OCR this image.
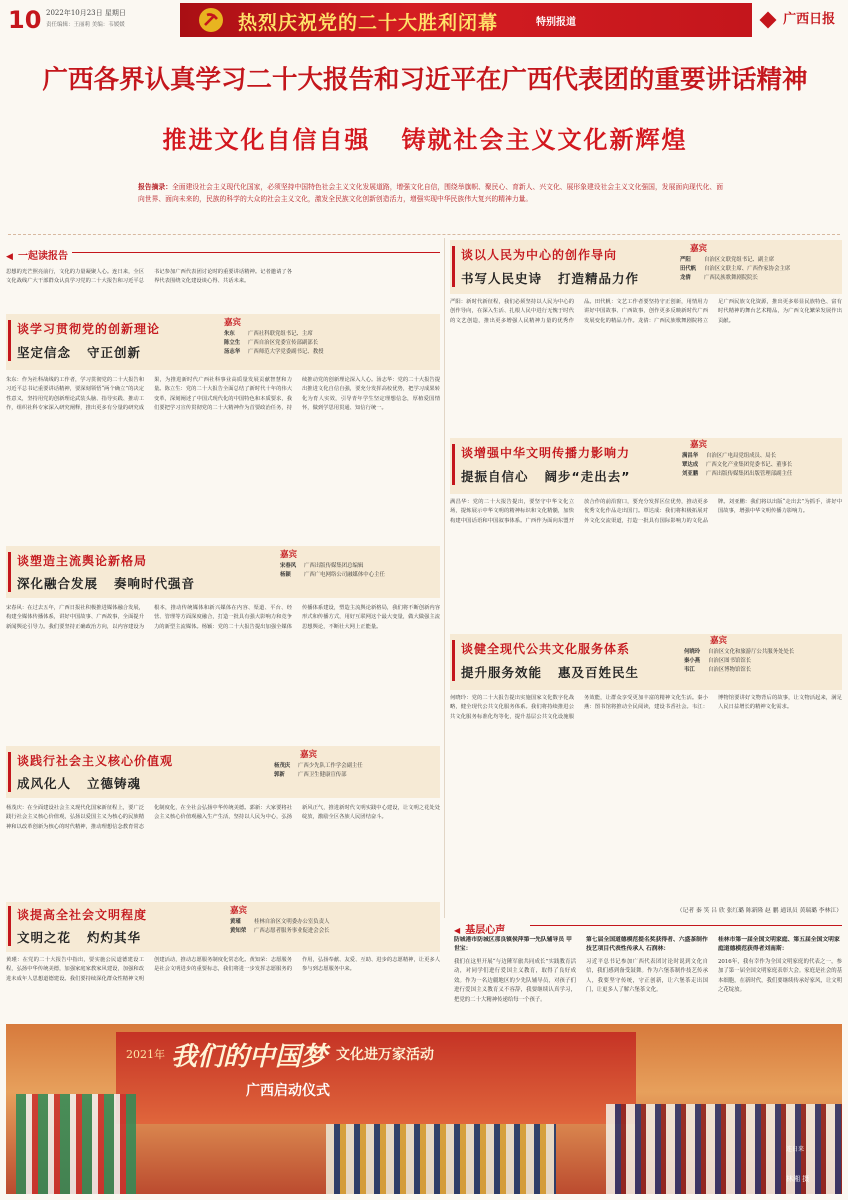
10 2022年10月23日 星期日
责任编辑：王丽莉 美编：韦媛媛	热烈庆祝党的二十大胜利闭幕	特别报道	广西日报
广西各界认真学习二十大报告和习近平在广西代表团的重要讲话精神
推进文化自信自强   铸就社会主义文化新辉煌
报告摘录：全面建设社会主义现代化国家，必须坚持中国特色社会主义文化发展道路，增强文化自信，围绕举旗帜、聚民心、育新人、兴文化、展形象建设社会主义文化强国，发展面向现代化、面向世界、面向未来的，民族的科学的大众的社会主义文化，激发全民族文化创新创造活力，增强实现中华民族伟大复兴的精神力量。
◀ 一起读报告
思想的光芒照亮前行，文化的力量凝聚人心。连日来，全区文化战线广大干部群众认真学习党的二十大报告和习近平总书记参加广西代表团讨论时的重要讲话精神。记者邀请了各界代表围绕文化建设谈心得、共话未来。
谈学习贯彻党的创新理论
坚定信念   守正创新
嘉宾
朱东 广西社科联党组书记、主席
陈立生 广西自治区党委宣传部副部长
汤志华 广西师范大学党委副书记、教授
朱东：作为社科战线的工作者，学习贯彻党的二十大报告和习近平总书记重要讲话精神，要深刻领悟“两个确立”的决定性意义，坚持用党的创新理论武装头脑、指导实践、推动工作，组织社科专家深入研究阐释，推出更多有分量的研究成果，为推进新时代广西社科事业高质量发展贡献智慧和力量。陈立生：党的二十大报告全面总结了新时代十年的伟大变革，深刻阐述了中国式现代化的中国特色和本质要求，我们要把学习宣传贯彻党的二十大精神作为首要政治任务，持续推动党的创新理论深入人心。汤志华：党的二十大报告提出推进文化自信自强，要充分发挥高校优势，把学习成果转化为育人实效，引导青年学生坚定理想信念，厚植爱国情怀，做到学思用贯通、知信行统一。
谈塑造主流舆论新格局
深化融合发展   奏响时代强音
嘉宾
宋春风 广西出版传媒集团总编辑
杨颖 广西广电网络公司融媒体中心主任
宋春风：在过去五年，广西日报社积极推进媒体融合发展，构建全媒体传播体系，讲好中国故事、广西故事，全面提升新闻舆论引导力。我们要坚持正确政治方向，以内容建设为根本，推动传统媒体和新兴媒体在内容、渠道、平台、经营、管理等方面深度融合，打造一批具有强大影响力和竞争力的新型主流媒体。杨颖：党的二十大报告提出加强全媒体传播体系建设，塑造主流舆论新格局，我们将不断创新内容形式和传播方式，用好互联网这个最大变量，做大做强主流思想舆论，不断壮大网上正能量。
谈践行社会主义核心价值观
成风化人   立德铸魂
嘉宾
杨茂庆 广西少先队工作学会副主任
郭新 广西卫生健康宣传部
杨茂庆：在全面建设社会主义现代化国家新征程上，要广泛践行社会主义核心价值观，弘扬以爱国主义为核心的民族精神和以改革创新为核心的时代精神，推动理想信念教育常态化制度化，在全社会弘扬中华传统美德。郭新：大家要将社会主义核心价值观融入生产生活，坚持以人民为中心，弘扬新风正气，推进新时代文明实践中心建设，让文明之花处处绽放，激励全区各族人民团结奋斗。
谈提高全社会文明程度
文明之花   灼灼其华
嘉宾
黄瑾 桂林自治区文明委办公室负责人
黄知荣 广西志愿者服务事业促进会会长
黄瑾：在党的二十大报告中指出，要实施公民道德建设工程，弘扬中华传统美德，加强家庭家教家风建设，加强和改进未成年人思想道德建设。我们要持续深化群众性精神文明创建活动，推动志愿服务制度化常态化。黄知荣：志愿服务是社会文明进步的重要标志，我们将进一步发挥志愿服务的作用，弘扬奉献、友爱、互助、进步的志愿精神，让更多人参与到志愿服务中来。
谈以人民为中心的创作导向
书写人民史诗   打造精品力作
嘉宾
严阳 自治区文联党组书记、副主席
田代帆 自治区文联主席、广西作家协会主席
龙倩 广西民族歌舞剧院院长
严阳：新时代新征程，我们必须坚持以人民为中心的创作导向，在深入生活、扎根人民中进行无愧于时代的文艺创造，推出更多增强人民精神力量的优秀作品。田代帆：文艺工作者要坚持守正创新，用情用力讲好中国故事、广西故事，创作更多反映新时代广西发展变化的精品力作。龙倩：广西民族歌舞剧院将立足广西民族文化资源，推出更多彰显民族特色、富有时代精神的舞台艺术精品，为广西文化繁荣发展作出贡献。
谈增强中华文明传播力影响力
提振自信心   阔步“走出去”
嘉宾
满昌华 自治区广电局党组成员、局长
覃达成 广西文化产业集团党委书记、董事长
刘亚鹏 广西出版传媒集团出版管理部副主任
满昌华：党的二十大报告提出，要坚守中华文化立场，提炼展示中华文明的精神标识和文化精髓，加快构建中国话语和中国叙事体系。广西作为面向东盟开放合作的前沿窗口，要充分发挥区位优势，推动更多优秀文化作品走出国门。覃达成：我们将积极拓展对外文化交流渠道，打造一批具有国际影响力的文化品牌。刘亚鹏：我们将以出版“走出去”为抓手，讲好中国故事，增强中华文明传播力影响力。
谈健全现代公共文化服务体系
提升服务效能   惠及百姓民生
嘉宾
何晓玲 自治区文化和旅游厅公共服务处处长
秦小燕 自治区图书馆馆长
韦江 自治区博物馆馆长
何晓玲：党的二十大报告提出实施国家文化数字化战略，健全现代公共文化服务体系。我们将持续推进公共文化服务标准化均等化，提升基层公共文化设施服务效能，让群众享受更加丰富的精神文化生活。秦小燕：图书馆将推动全民阅读，建设书香社会。韦江：博物馆要讲好文物背后的故事，让文物活起来，满足人民日益增长的精神文化需求。
（记者 秦 笑 吕 欣 张红璐 陈新隆 赵 鹏 通讯员 黄瑞璐 李林江）
◀ 基层心声
防城港市防城区那良镇侯萍第一先队辅导员 甲世宝：
我们在这里开展“与边陲军旅共同成长”实践教育活动，对同学们进行爱国主义教育，取得了良好成效。作为一名边疆地区的少先队辅导员，对孩子们进行爱国主义教育义不容辞，我要继续认真学习，把党的二十大精神传递给每一个孩子。
第七届全国道德模范提名奖获得者、六盛茶制作技艺项目代表性传承人 石润林：
习近平总书记参加广西代表团讨论时说到文化自信，我们感到备受鼓舞。作为六堡茶制作技艺传承人，我要坚守传统，守正创新，让六堡茶走出国门，让更多人了解六堡茶文化。
桂林市第一届全国文明家庭、第五届全国文明家庭道德模范获得者刘南斯：
2016年，我有幸作为全国文明家庭的代表之一，参加了第一届全国文明家庭表彰大会。家庭是社会的基本细胞，在新时代，我们要继续传承好家风，让文明之花绽放。
2021年 我们的中国梦 文化进万家活动
广西启动仪式
连日来
林湘 摄
